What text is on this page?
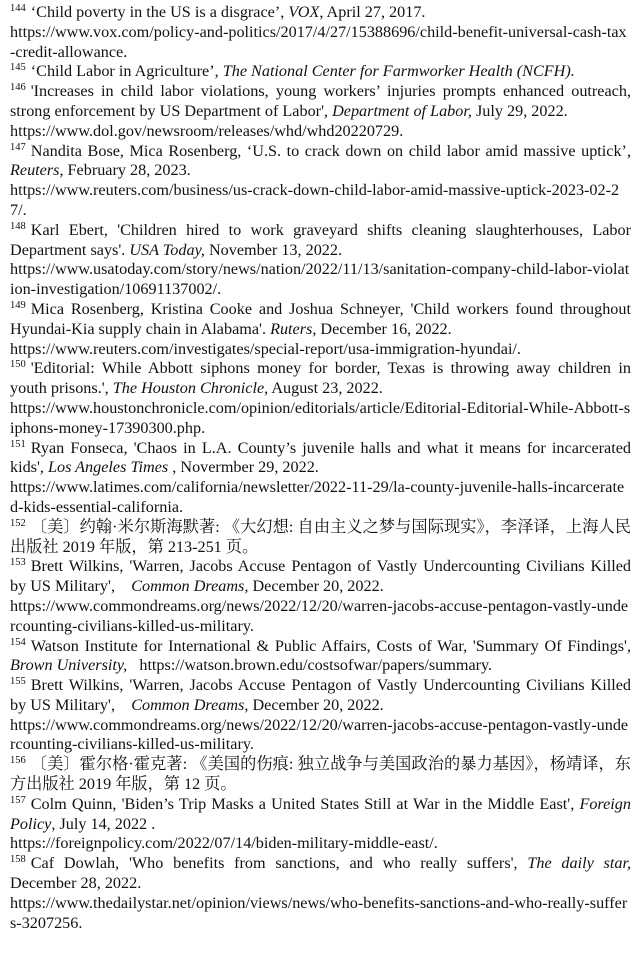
$^{144}$ ‘Child poverty in the US is a disgrace’, VOX, April 27, 2017.
https://www.vox.com/policy-and-politics/2017/4/27/15388696/child-benefit-universal-cash-tax-credit-allowance.

$^{145}$ ‘Child Labor in Agriculture’, The National Center for Farmworker Health (NCFH).

$^{146}$ 'Increases in child labor violations, young workers’ injuries prompts enhanced outreach, strong enforcement by US Department of Labor', Department of Labor, July 29, 2022.
https://www.dol.gov/newsroom/releases/whd/whd20220729.

$^{147}$ Nandita Bose, Mica Rosenberg, ‘U.S. to crack down on child labor amid massive uptick’, Reuters, February 28, 2023.
https://www.reuters.com/business/us-crack-down-child-labor-amid-massive-uptick-2023-02-27/.

$^{148}$ Karl Ebert, 'Children hired to work graveyard shifts cleaning slaughterhouses, Labor Department says'. USA Today, November 13, 2022.
https://www.usatoday.com/story/news/nation/2022/11/13/sanitation-company-child-labor-violation-investigation/10691137002/.

$^{149}$ Mica Rosenberg, Kristina Cooke and Joshua Schneyer, 'Child workers found throughout Hyundai-Kia supply chain in Alabama'. Ruters, December 16, 2022.
https://www.reuters.com/investigates/special-report/usa-immigration-hyundai/.

$^{150}$ 'Editorial: While Abbott siphons money for border, Texas is throwing away children in youth prisons.', The Houston Chronicle, August 23, 2022.
https://www.houstonchronicle.com/opinion/editorials/article/Editorial-Editorial-While-Abbott-siphons-money-17390300.php.

$^{151}$ Ryan Fonseca, 'Chaos in L.A. County’s juvenile halls and what it means for incarcerated kids', Los Angeles Times , Novermber 29, 2022.
https://www.latimes.com/california/newsletter/2022-11-29/la-county-juvenile-halls-incarcerated-kids-essential-california.

$^{152}$ 〔美〕约翰·米尔斯海默著: 《大幻想: 自由主义之梦与国际现实》，李泽译，上海人民出版社 2019 年版，第 213-251 页。

$^{153}$ Brett Wilkins, 'Warren, Jacobs Accuse Pentagon of Vastly Undercounting Civilians Killed by US Military',    Common Dreams, December 20, 2022.
https://www.commondreams.org/news/2022/12/20/warren-jacobs-accuse-pentagon-vastly-undercounting-civilians-killed-us-military.

$^{154}$ Watson Institute for International & Public Affairs, Costs of War, 'Summary Of Findings', Brown University, https://watson.brown.edu/costsofwar/papers/summary.

$^{155}$ Brett Wilkins, 'Warren, Jacobs Accuse Pentagon of Vastly Undercounting Civilians Killed by US Military',    Common Dreams, December 20, 2022.
https://www.commondreams.org/news/2022/12/20/warren-jacobs-accuse-pentagon-vastly-undercounting-civilians-killed-us-military.

$^{156}$ 〔美〕霍尔格·霍克著: 《美国的伤痕: 独立战争与美国政治的暴力基因》，杨靖译，东方出版社 2019 年版，第 12 页。

$^{157}$ Colm Quinn, 'Biden’s Trip Masks a United States Still at War in the Middle East', Foreign Policy, July 14, 2022 .
https://foreignpolicy.com/2022/07/14/biden-military-middle-east/.

$^{158}$ Caf Dowlah, 'Who benefits from sanctions, and who really suffers', The daily star, December 28, 2022.
https://www.thedailystar.net/opinion/views/news/who-benefits-sanctions-and-who-really-suffers-3207256.
